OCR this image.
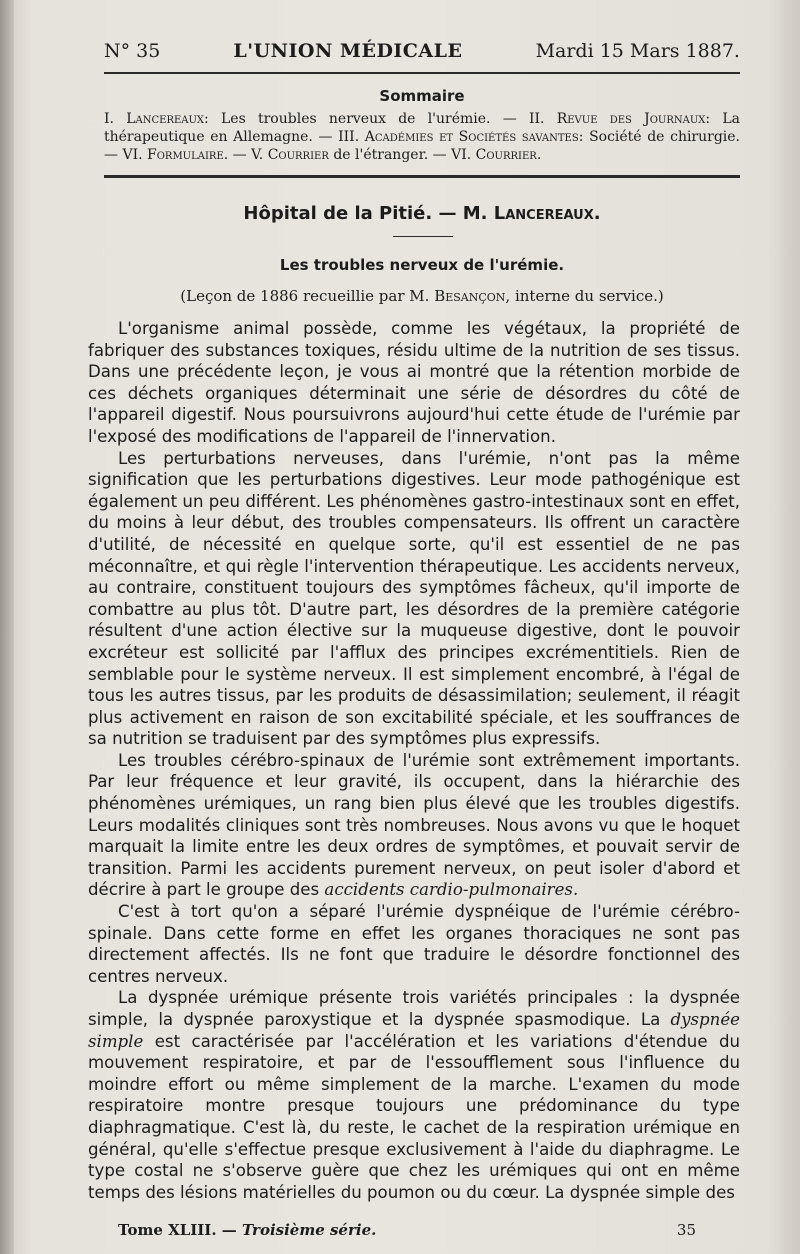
N° 35	L'UNION MÉDICALE	Mardi 15 Mars 1887.
Sommaire
I. Lancereaux: Les troubles nerveux de l'urémie. — II. Revue des Journaux: La thérapeutique en Allemagne. — III. Académies et Sociétés savantes: Société de chirurgie. — VI. Formulaire. — V. Courrier de l'étranger. — VI. Courrier.
Hôpital de la Pitié. — M. Lancereaux.
Les troubles nerveux de l'urémie.
(Leçon de 1886 recueillie par M. Besançon, interne du service.)

L'organisme animal possède, comme les végétaux, la propriété de fabriquer des substances toxiques, résidu ultime de la nutrition de ses tissus. Dans une précédente leçon, je vous ai montré que la rétention morbide de ces déchets organiques déterminait une série de désordres du côté de l'appareil digestif. Nous poursuivrons aujourd'hui cette étude de l'urémie par l'exposé des modifications de l'appareil de l'innervation.

Les perturbations nerveuses, dans l'urémie, n'ont pas la même signification que les perturbations digestives. Leur mode pathogénique est également un peu différent. Les phénomènes gastro-intestinaux sont en effet, du moins à leur début, des troubles compensateurs. Ils offrent un caractère d'utilité, de nécessité en quelque sorte, qu'il est essentiel de ne pas méconnaître, et qui règle l'intervention thérapeutique. Les accidents nerveux, au contraire, constituent toujours des symptômes fâcheux, qu'il importe de combattre au plus tôt. D'autre part, les désordres de la première catégorie résultent d'une action élective sur la muqueuse digestive, dont le pouvoir excréteur est sollicité par l'afflux des principes excrémentitiels. Rien de semblable pour le système nerveux. Il est simplement encombré, à l'égal de tous les autres tissus, par les produits de désassimilation; seulement, il réagit plus activement en raison de son excitabilité spéciale, et les souffrances de sa nutrition se traduisent par des symptômes plus expressifs.

Les troubles cérébro-spinaux de l'urémie sont extrêmement importants. Par leur fréquence et leur gravité, ils occupent, dans la hiérarchie des phénomènes urémiques, un rang bien plus élevé que les troubles digestifs. Leurs modalités cliniques sont très nombreuses. Nous avons vu que le hoquet marquait la limite entre les deux ordres de symptômes, et pouvait servir de transition. Parmi les accidents purement nerveux, on peut isoler d'abord et décrire à part le groupe des accidents cardio-pulmonaires.

C'est à tort qu'on a séparé l'urémie dyspnéique de l'urémie cérébro-spinale. Dans cette forme en effet les organes thoraciques ne sont pas directement affectés. Ils ne font que traduire le désordre fonctionnel des centres nerveux.

La dyspnée urémique présente trois variétés principales : la dyspnée simple, la dyspnée paroxystique et la dyspnée spasmodique. La dyspnée simple est caractérisée par l'accélération et les variations d'étendue du mouvement respiratoire, et par de l'essoufflement sous l'influence du moindre effort ou même simplement de la marche. L'examen du mode respiratoire montre presque toujours une prédominance du type diaphragmatique. C'est là, du reste, le cachet de la respiration urémique en général, qu'elle s'effectue presque exclusivement à l'aide du diaphragme. Le type costal ne s'observe guère que chez les urémiques qui ont en même temps des lésions matérielles du poumon ou du cœur. La dyspnée simple des

Tome XLIII. — Troisième série.	35
